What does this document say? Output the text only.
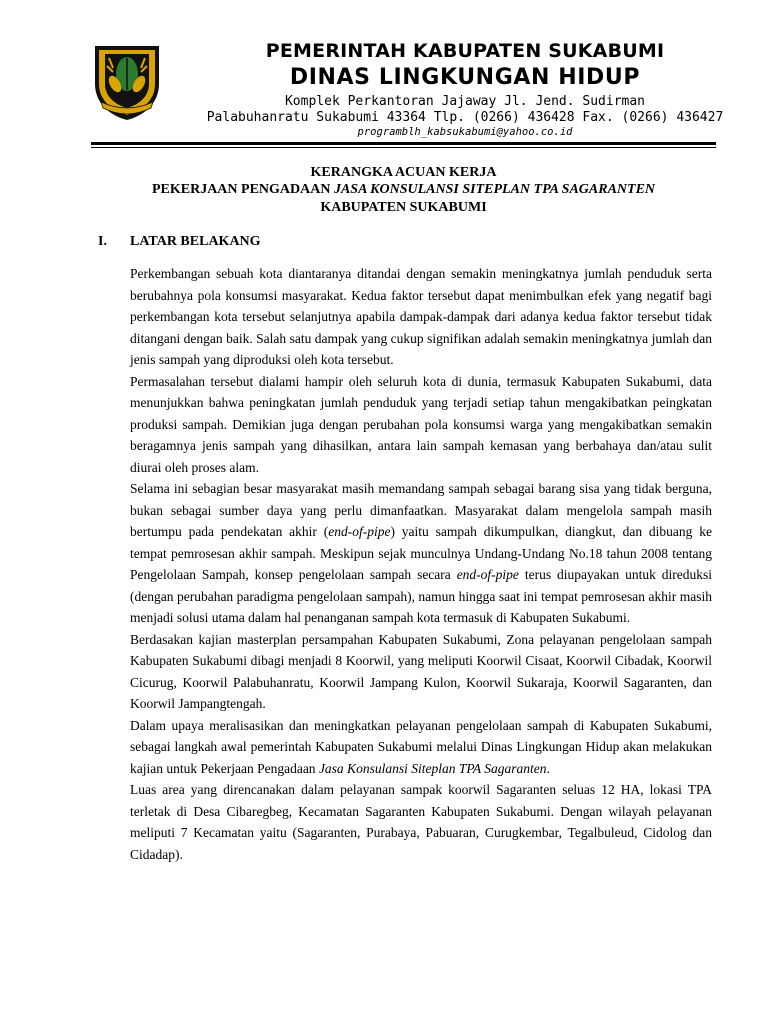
PEMERINTAH KABUPATEN SUKABUMI
DINAS LINGKUNGAN HIDUP
Komplek Perkantoran Jajaway Jl. Jend. Sudirman
Palabuhanratu Sukabumi 43364 Tlp. (0266) 436428 Fax. (0266) 436427
programblh_kabsukabumi@yahoo.co.id
KERANGKA ACUAN KERJA
PEKERJAAN PENGADAAN JASA KONSULANSI SITEPLAN TPA SAGARANTEN
KABUPATEN SUKABUMI
I. LATAR BELAKANG

Perkembangan sebuah kota diantaranya ditandai dengan semakin meningkatnya jumlah penduduk serta berubahnya pola konsumsi masyarakat. Kedua faktor tersebut dapat menimbulkan efek yang negatif bagi perkembangan kota tersebut selanjutnya apabila dampak-dampak dari adanya kedua faktor tersebut tidak ditangani dengan baik. Salah satu dampak yang cukup signifikan adalah semakin meningkatnya jumlah dan jenis sampah yang diproduksi oleh kota tersebut.

Permasalahan tersebut dialami hampir oleh seluruh kota di dunia, termasuk Kabupaten Sukabumi, data menunjukkan bahwa peningkatan jumlah penduduk yang terjadi setiap tahun mengakibatkan peingkatan produksi sampah. Demikian juga dengan perubahan pola konsumsi warga yang mengakibatkan semakin beragamnya jenis sampah yang dihasilkan, antara lain sampah kemasan yang berbahaya dan/atau sulit diurai oleh proses alam.

Selama ini sebagian besar masyarakat masih memandang sampah sebagai barang sisa yang tidak berguna, bukan sebagai sumber daya yang perlu dimanfaatkan. Masyarakat dalam mengelola sampah masih bertumpu pada pendekatan akhir (end-of-pipe) yaitu sampah dikumpulkan, diangkut, dan dibuang ke tempat pemrosesan akhir sampah. Meskipun sejak munculnya Undang-Undang No.18 tahun 2008 tentang Pengelolaan Sampah, konsep pengelolaan sampah secara end-of-pipe terus diupayakan untuk direduksi (dengan perubahan paradigma pengelolaan sampah), namun hingga saat ini tempat pemrosesan akhir masih menjadi solusi utama dalam hal penanganan sampah kota termasuk di Kabupaten Sukabumi.

Berdasakan kajian masterplan persampahan Kabupaten Sukabumi, Zona pelayanan pengelolaan sampah Kabupaten Sukabumi dibagi menjadi 8 Koorwil, yang meliputi Koorwil Cisaat, Koorwil Cibadak, Koorwil Cicurug, Koorwil Palabuhanratu, Koorwil Jampang Kulon, Koorwil Sukaraja, Koorwil Sagaranten, dan Koorwil Jampangtengah.

Dalam upaya meralisasikan dan meningkatkan pelayanan pengelolaan sampah di Kabupaten Sukabumi, sebagai langkah awal pemerintah Kabupaten Sukabumi melalui Dinas Lingkungan Hidup akan melakukan kajian untuk Pekerjaan Pengadaan Jasa Konsulansi Siteplan TPA Sagaranten.

Luas area yang direncanakan dalam pelayanan sampak koorwil Sagaranten seluas 12 HA, lokasi TPA terletak di Desa Cibaregbeg, Kecamatan Sagaranten Kabupaten Sukabumi. Dengan wilayah pelayanan meliputi 7 Kecamatan yaitu (Sagaranten, Purabaya, Pabuaran, Curugkembar, Tegalbuleud, Cidolog dan Cidadap).
